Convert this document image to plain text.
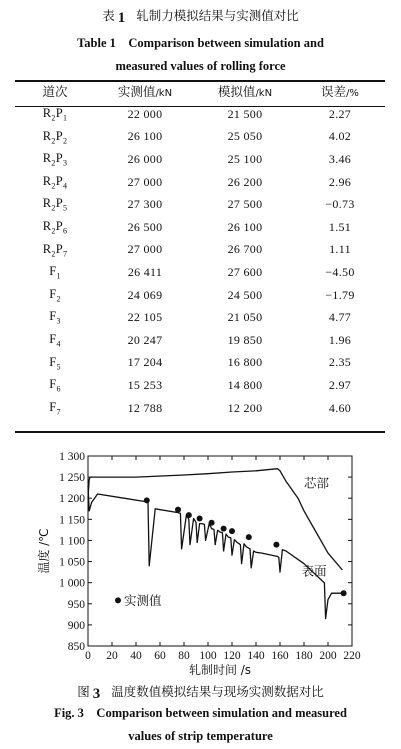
表 1 轧制力模拟结果与实测值对比
Table 1    Comparison between simulation and
measured values of rolling force
道次	实测值/kN	模拟值/kN	误差/%
$R_2P_1$	22 000	21 500	2.27
$R_2P_2$	26 100	25 050	4.02
$R_2P_3$	26 000	25 100	3.46
$R_2P_4$	27 000	26 200	2.96
$R_2P_5$	27 300	27 500	−0.73
$R_2P_6$	26 500	26 100	1.51
$R_2P_7$	27 000	26 700	1.11
$F_1$	26 411	27 600	−4.50
$F_2$	24 069	24 500	−1.79
$F_3$	22 105	21 050	4.77
$F_4$	20 247	19 850	1.96
$F_5$	17 204	16 800	2.35
$F_6$	15 253	14 800	2.97
$F_7$	12 788	12 200	4.60
0 20 40 60 80 100 120 140 160 180 200 220
850
900
950
1 000
1 050
1 100
1 150
1 200
1 250
1 300
轧制时间 /s
温度 /℃
芯部
表面
实测值
图 3 温度数值模拟结果与现场实测数据对比
Fig. 3    Comparison between simulation and measured
values of strip temperature
